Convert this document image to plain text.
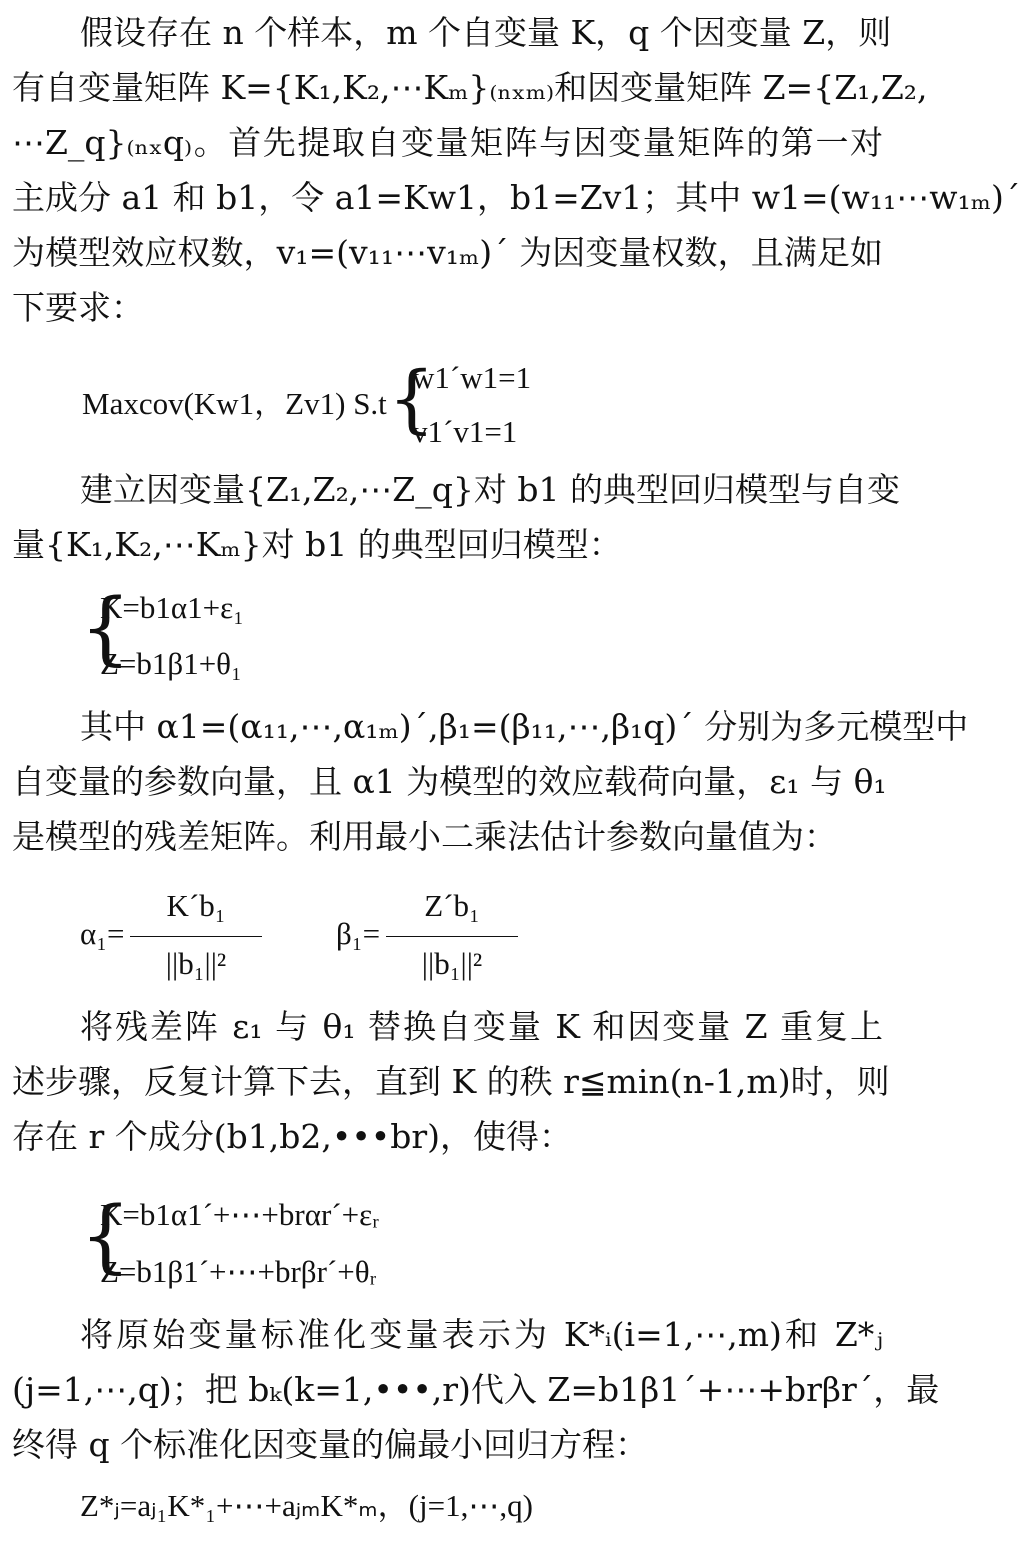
假设存在 n 个样本，m 个自变量 K，q 个因变量 Z，则
有自变量矩阵 K={K₁,K₂,⋯Kₘ}₍ₙₓₘ₎和因变量矩阵 Z={Z₁,Z₂,
⋯Z_q}₍ₙₓq₎。首先提取自变量矩阵与因变量矩阵的第一对
主成分 a1 和 b1，令 a1=Kw1，b1=Zv1；其中 w1=(w₁₁⋯w₁ₘ)´
为模型效应权数，v₁=(v₁₁⋯v₁ₘ)´ 为因变量权数，且满足如
下要求：
Maxcov(Kw1，Zv1) S.t {
w1´w1=1
v1´v1=1
建立因变量{Z₁,Z₂,⋯Z_q}对 b1 的典型回归模型与自变
量{K₁,K₂,⋯Kₘ}对 b1 的典型回归模型：
{
K=b1α1+ε₁
Z=b1β1+θ₁
其中 α1=(α₁₁,⋯,α₁ₘ)´,β₁=(β₁₁,⋯,β₁q)´ 分别为多元模型中
自变量的参数向量，且 α1 为模型的效应载荷向量，ε₁ 与 θ₁
是模型的残差矩阵。利用最小二乘法估计参数向量值为：
α₁=
K´b₁
||b₁||²
β₁=
Z´b₁
||b₁||²
将残差阵 ε₁ 与 θ₁ 替换自变量 K 和因变量 Z 重复上
述步骤，反复计算下去，直到 K 的秩 r≦min(n-1,m)时，则
存在 r 个成分(b1,b2,•••br)，使得：
{
K=b1α1´+⋯+brαr´+εᵣ
Z=b1β1´+⋯+brβr´+θᵣ
将原始变量标准化变量表示为 K*ᵢ(i=1,⋯,m)和 Z*ⱼ
(j=1,⋯,q)；把 bₖ(k=1,•••,r)代入 Z=b1β1´+⋯+brβr´，最
终得 q 个标准化因变量的偏最小回归方程：
Z*ⱼ=aⱼ₁K*₁+⋯+aⱼₘK*ₘ，(j=1,⋯,q)
